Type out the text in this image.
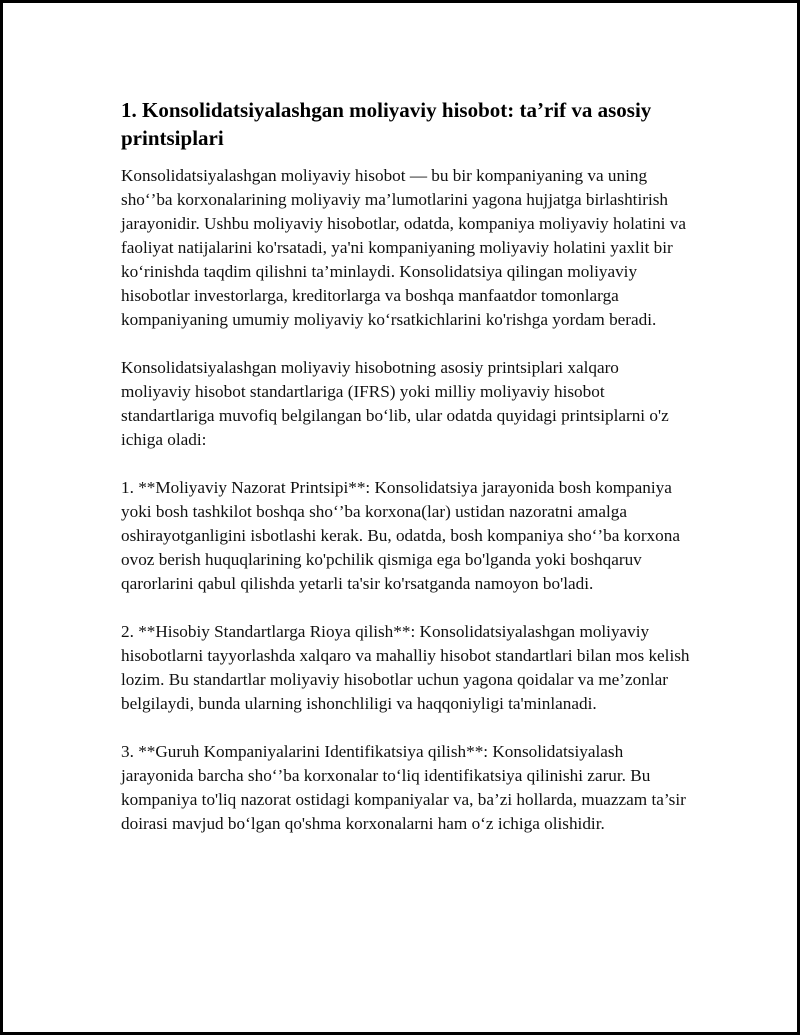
1. Konsolidatsiyalashgan moliyaviy hisobot: ta’rif va asosiy printsiplari

Konsolidatsiyalashgan moliyaviy hisobot — bu bir kompaniyaning va uning sho‘’ba korxonalarining moliyaviy ma’lumotlarini yagona hujjatga birlashtirish jarayonidir. Ushbu moliyaviy hisobotlar, odatda, kompaniya moliyaviy holatini va faoliyat natijalarini ko'rsatadi, ya'ni kompaniyaning moliyaviy holatini yaxlit bir ko‘rinishda taqdim qilishni ta’minlaydi. Konsolidatsiya qilingan moliyaviy hisobotlar investorlarga, kreditorlarga va boshqa manfaatdor tomonlarga kompaniyaning umumiy moliyaviy ko‘rsatkichlarini ko'rishga yordam beradi.

Konsolidatsiyalashgan moliyaviy hisobotning asosiy printsiplari xalqaro moliyaviy hisobot standartlariga (IFRS) yoki milliy moliyaviy hisobot standartlariga muvofiq belgilangan bo‘lib, ular odatda quyidagi printsiplarni o'z ichiga oladi:

1. **Moliyaviy Nazorat Printsipi**: Konsolidatsiya jarayonida bosh kompaniya yoki bosh tashkilot boshqa sho‘’ba korxona(lar) ustidan nazoratni amalga oshirayotganligini isbotlashi kerak. Bu, odatda, bosh kompaniya sho‘’ba korxona ovoz berish huquqlarining ko'pchilik qismiga ega bo'lganda yoki boshqaruv qarorlarini qabul qilishda yetarli ta'sir ko'rsatganda namoyon bo'ladi.

2. **Hisobiy Standartlarga Rioya qilish**: Konsolidatsiyalashgan moliyaviy hisobotlarni tayyorlashda xalqaro va mahalliy hisobot standartlari bilan mos kelish lozim. Bu standartlar moliyaviy hisobotlar uchun yagona qoidalar va me’zonlar belgilaydi, bunda ularning ishonchliligi va haqqoniyligi ta'minlanadi.

3. **Guruh Kompaniyalarini Identifikatsiya qilish**: Konsolidatsiyalash jarayonida barcha sho‘’ba korxonalar to‘liq identifikatsiya qilinishi zarur. Bu kompaniya to'liq nazorat ostidagi kompaniyalar va, ba’zi hollarda, muazzam ta’sir doirasi mavjud bo‘lgan qo'shma korxonalarni ham o‘z ichiga olishidir.
